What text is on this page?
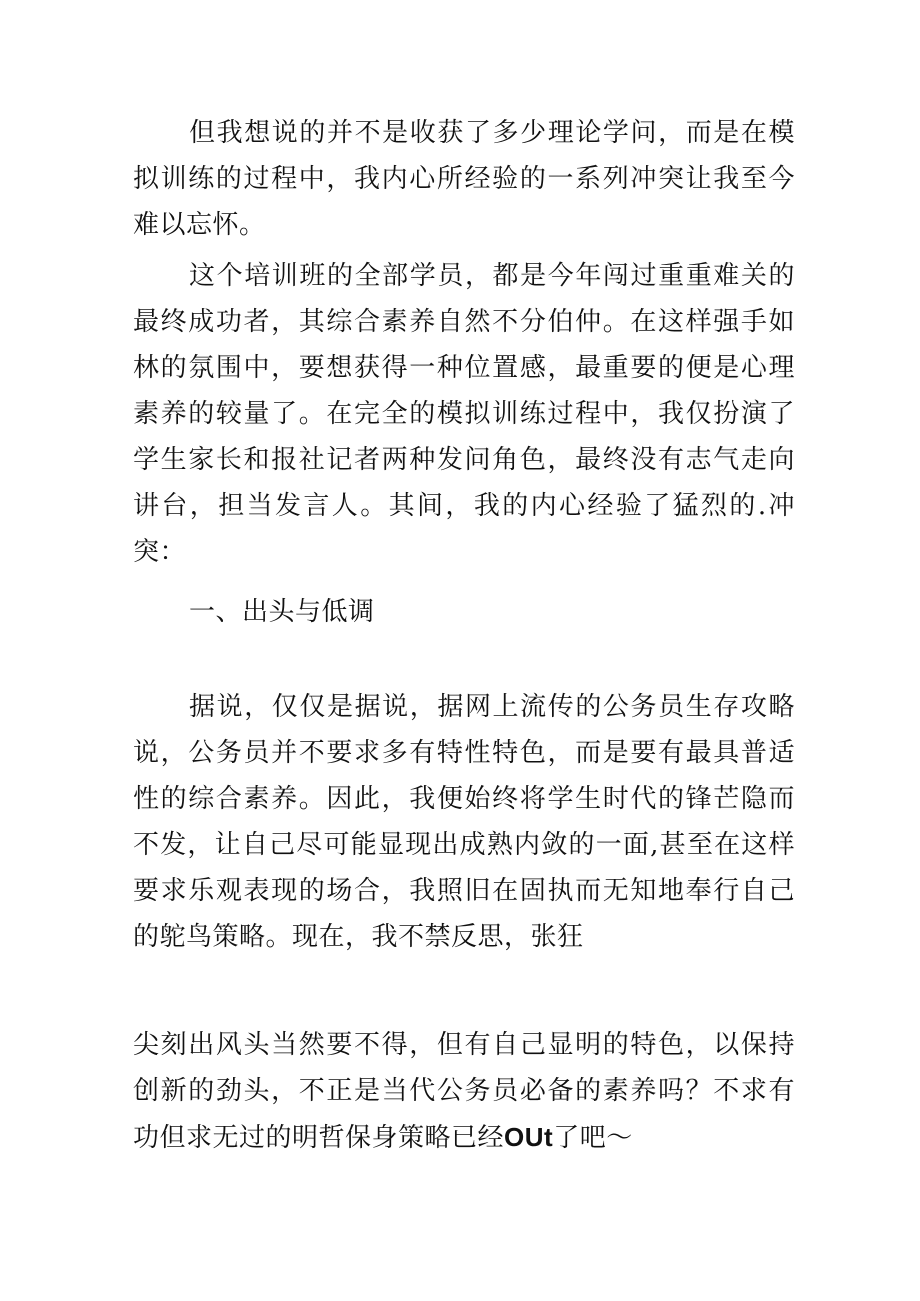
但我想说的并不是收获了多少理论学问，而是在模拟训练的过程中，我内心所经验的一系列冲突让我至今难以忘怀。

这个培训班的全部学员，都是今年闯过重重难关的最终成功者，其综合素养自然不分伯仲。在这样强手如林的氛围中，要想获得一种位置感，最重要的便是心理素养的较量了。在完全的模拟训练过程中，我仅扮演了学生家长和报社记者两种发问角色，最终没有志气走向讲台，担当发言人。其间，我的内心经验了猛烈的.冲突：

一、出头与低调

据说，仅仅是据说，据网上流传的公务员生存攻略说，公务员并不要求多有特性特色，而是要有最具普适性的综合素养。因此，我便始终将学生时代的锋芒隐而不发，让自己尽可能显现出成熟内敛的一面,甚至在这样要求乐观表现的场合，我照旧在固执而无知地奉行自己的鸵鸟策略。现在，我不禁反思，张狂

尖刻出风头当然要不得，但有自己显明的特色，以保持创新的劲头，不正是当代公务员必备的素养吗？不求有功但求无过的明哲保身策略已经OUt了吧～
